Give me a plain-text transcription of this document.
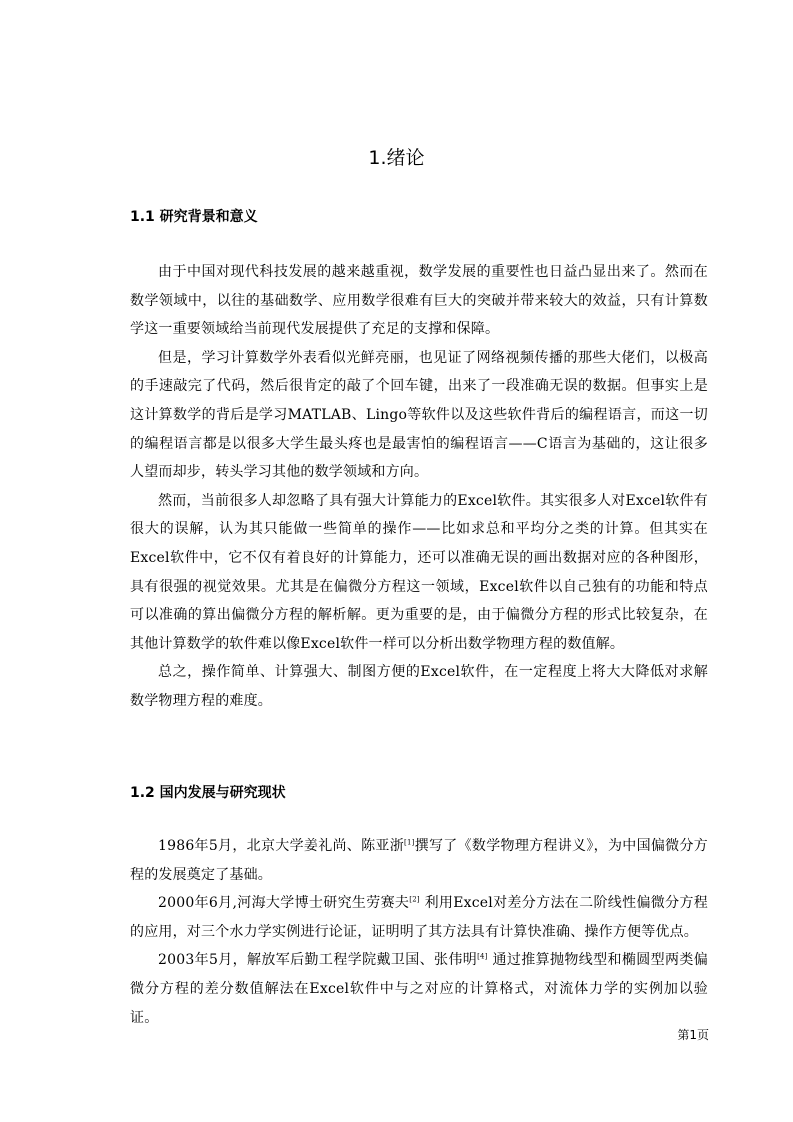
1.绪论
1.1 研究背景和意义

由于中国对现代科技发展的越来越重视，数学发展的重要性也日益凸显出来了。然而在数学领域中，以往的基础数学、应用数学很难有巨大的突破并带来较大的效益，只有计算数学这一重要领域给当前现代发展提供了充足的支撑和保障。

但是，学习计算数学外表看似光鲜亮丽，也见证了网络视频传播的那些大佬们，以极高的手速敲完了代码，然后很肯定的敲了个回车键，出来了一段准确无误的数据。但事实上是这计算数学的背后是学习MATLAB、Lingo等软件以及这些软件背后的编程语言，而这一切的编程语言都是以很多大学生最头疼也是最害怕的编程语言——C语言为基础的，这让很多人望而却步，转头学习其他的数学领域和方向。

然而，当前很多人却忽略了具有强大计算能力的Excel软件。其实很多人对Excel软件有很大的误解，认为其只能做一些简单的操作——比如求总和平均分之类的计算。但其实在Excel软件中，它不仅有着良好的计算能力，还可以准确无误的画出数据对应的各种图形，具有很强的视觉效果。尤其是在偏微分方程这一领域，Excel软件以自己独有的功能和特点可以准确的算出偏微分方程的解析解。更为重要的是，由于偏微分方程的形式比较复杂，在其他计算数学的软件难以像Excel软件一样可以分析出数学物理方程的数值解。

总之，操作简单、计算强大、制图方便的Excel软件，在一定程度上将大大降低对求解数学物理方程的难度。

1.2 国内发展与研究现状

1986年5月，北京大学姜礼尚、陈亚浙[1]撰写了《数学物理方程讲义》，为中国偏微分方程的发展奠定了基础。

2000年6月,河海大学博士研究生劳赛夫[2] 利用Excel对差分方法在二阶线性偏微分方程的应用，对三个水力学实例进行论证，证明明了其方法具有计算快准确、操作方便等优点。

2003年5月，解放军后勤工程学院戴卫国、张伟明[4] 通过推算抛物线型和椭圆型两类偏微分方程的差分数值解法在Excel软件中与之对应的计算格式，对流体力学的实例加以验证。

第1页
